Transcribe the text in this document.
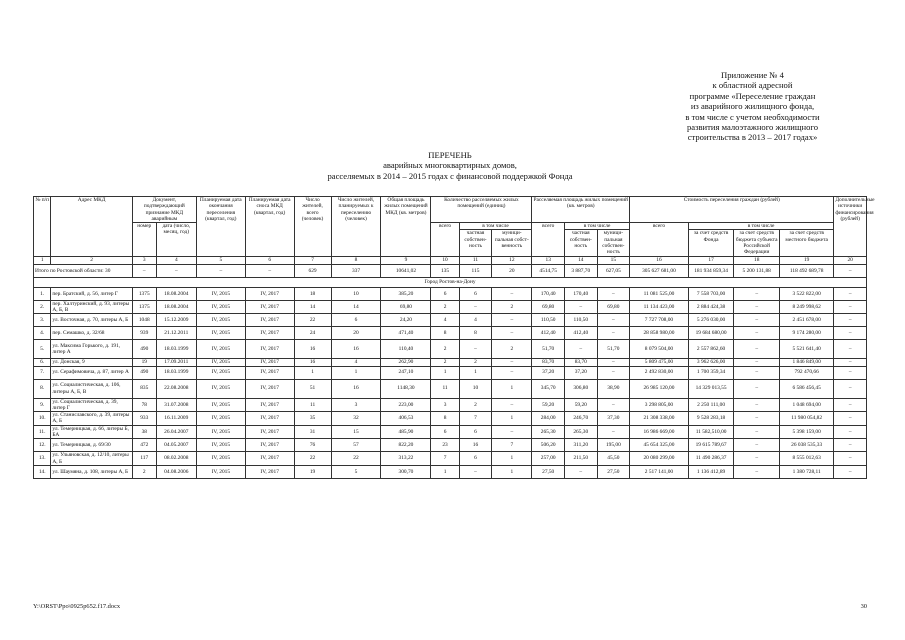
Приложение № 4
к областной адресной
программе «Переселение граждан
из аварийного жилищного фонда,
в том числе с учетом необходимости
развития малоэтажного жилищного
строительства в 2013 – 2017 годах»
ПЕРЕЧЕНЬ
аварийных многоквартирных домов,
расселяемых в 2014 – 2015 годах с финансовой поддержкой Фонда
№ п/п	Адрес МКД	Документ, подтверждающий признание МКД аварийным		Планируемая дата окончания переселения (квартал, год)	Планируемая дата сноса МКД (квартал, год)	Число жителей, всего (человек)	Число жителей, планируемых к переселению (человек)	Общая площадь жилых помещений МКД (кв. метров)	Количество расселяемых жилых помещений (единиц)			Расселяемая площадь жилых помещений (кв. метров)			Стоимость переселения граждан (рублей)				Дополнительные источники финансирования (рублей)
		номер	дата (число, месяц, год)						всего	в том числе		всего	в том числе		всего	в том числе			
										частная собствен- ность	муници- пальная собст- венность		частная собствен- ность	муници- пальная собствен- ность		за счет средств Фонда	за счет средств бюджета субъекта Российской Федерации	за счет средств местного бюджета	
1	2	3	4	5	6	7	8	9	10	11	12	13	14	15	16	17	18	19	20
Итого по Ростовской области: 30		–	–	–	–	629	337	10641,02	135	115	20	4514,75	3 887,70	627,05	305 627 681,00	181 934 859,34	5 200 131,88	118 492 689,78	–
Город Ростов-на-Дону																			
1.	пер. Братский, д. 56, литер Г	1375	18.08.2004	IV, 2015	IV, 2017	18	10	385,20	6	6	–	170,40	170,40	–	11 081 525,00	7 558 703,00	–	3 522 822,00	–
2.	пер. Халтуринский, д. 93, литеры А, Б, В	1375	18.08.2004	IV, 2015	IV, 2017	14	14	69,80	2	–	2	69,80	–	69,80	11 134 423,00	2 884 424,38	–	8 249 998,62	–
3.	ул. Восточная, д. 70, литеры А, Б	1048	15.12.2009	IV, 2015	IV, 2017	22	6	24,20	4	4	–	110,50	110,50	–	7 727 708,00	5 276 030,00	–	2 451 678,00	–
4.	пер. Семашко, д. 32/68	939	21.12.2011	IV, 2015	IV, 2017	24	20	471,40	8	8	–	412,40	412,40	–	28 858 980,00	19 684 680,00	–	9 174 280,00	–
5.	ул. Максима Горького, д. 191, литер А	490	18.03.1999	IV, 2015	IV, 2017	16	16	110,40	2	–	2	51,70	–	51,70	8 079 504,00	2 557 862,60	–	5 521 641,40	–
6.	ул. Донская, 9	19	17.09.2011	IV, 2015	IV, 2017	16	4	262,90	2	2	–	83,70	83,70	–	5 809 475,00	3 962 626,00	–	1 846 849,00	–
7.	ул. Серафимовича, д. 87, литер А	490	18.03.1999	IV, 2015	IV, 2017	1	1	247,10	1	1	–	37,20	37,20	–	2 492 830,00	1 700 359,34	–	792 470,66	–
8.	ул. Социалистическая, д. 106, литеры А, Б, В	835	22.08.2008	IV, 2015	IV, 2017	51	16	1148,30	11	10	1	345,70	306,80	38,90	26 985 120,00	14 329 013,55	–	6 586 456,45	–
9.	ул. Социалистическая, д. 39, литер Г	78	31.07.2008	IV, 2015	IV, 2017	11	3	223,00	3	2	–	59,20	59,20	–	3 298 805,00	2 250 111,00	–	1 048 694,00	–
10.	ул. Станиславского, д. 39, литеры А, Б	933	16.11.2009	IV, 2015	IV, 2017	35	32	406,53	8	7	1	284,00	246,70	37,30	21 308 338,00	9 528 283,18	–	11 980 054,82	–
11.	ул. Темерницкая, д. 66, литеры Б, БА	38	26.04.2007	IV, 2015	IV, 2017	31	15	485,90	6	6	–	265,30	265,30	–	16 986 669,00	11 582,510,00	–	5 398 159,00	–
12.	ул. Темерницкая, д. 69/30	472	04.05.2007	IV, 2015	IV, 2017	76	57	822,20	23	16	7	506,20	311,20	195,00	45 654 325,00	19 615 789,67	–	26 038 535,33	–
13.	ул. Ульяновская, д. 12/10, литеры А, Б	117	08.02.2008	IV, 2015	IV, 2017	22	22	313,22	7	6	1	257,00	211,50	45,50	20 080 299,00	11 490 286,37	–	8 555 012,63	–
14.	ул. Шаумяна, д. 108, литеры А, Б	2	04.08.2006	IV, 2015	IV, 2017	19	5	300,70	1	–	1	27,50	–	27,50	2 517 141,00	1 136 412,89	–	1 380 728,11	–
Y:\ORST\Ppo\0925p652.f17.docx	30
